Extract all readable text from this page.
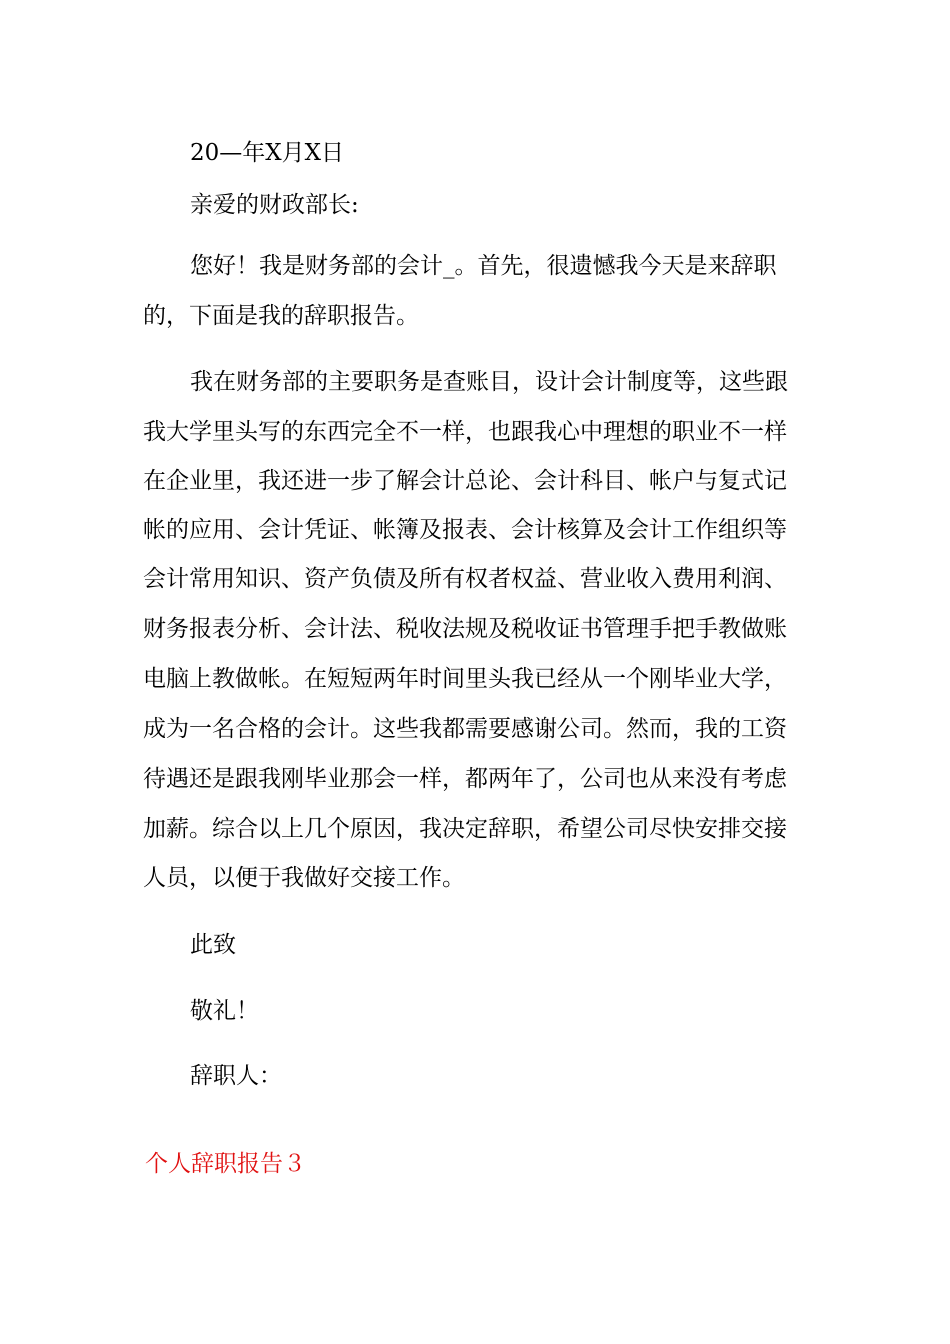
20—年X月X日

亲爱的财政部长:

您好！我是财务部的会计_。首先，很遗憾我今天是来辞职

的，下面是我的辞职报告。

我在财务部的主要职务是查账目，设计会计制度等，这些跟

我大学里头写的东西完全不一样，也跟我心中理想的职业不一样

在企业里，我还进一步了解会计总论、会计科目、帐户与复式记

帐的应用、会计凭证、帐簿及报表、会计核算及会计工作组织等

会计常用知识、资产负债及所有权者权益、营业收入费用利润、

财务报表分析、会计法、税收法规及税收证书管理手把手教做账

电脑上教做帐。在短短两年时间里头我已经从一个刚毕业大学，

成为一名合格的会计。这些我都需要感谢公司。然而，我的工资

待遇还是跟我刚毕业那会一样，都两年了，公司也从来没有考虑

加薪。综合以上几个原因，我决定辞职，希望公司尽快安排交接

人员，以便于我做好交接工作。

此致

敬礼！

辞职人：

个人辞职报告３
